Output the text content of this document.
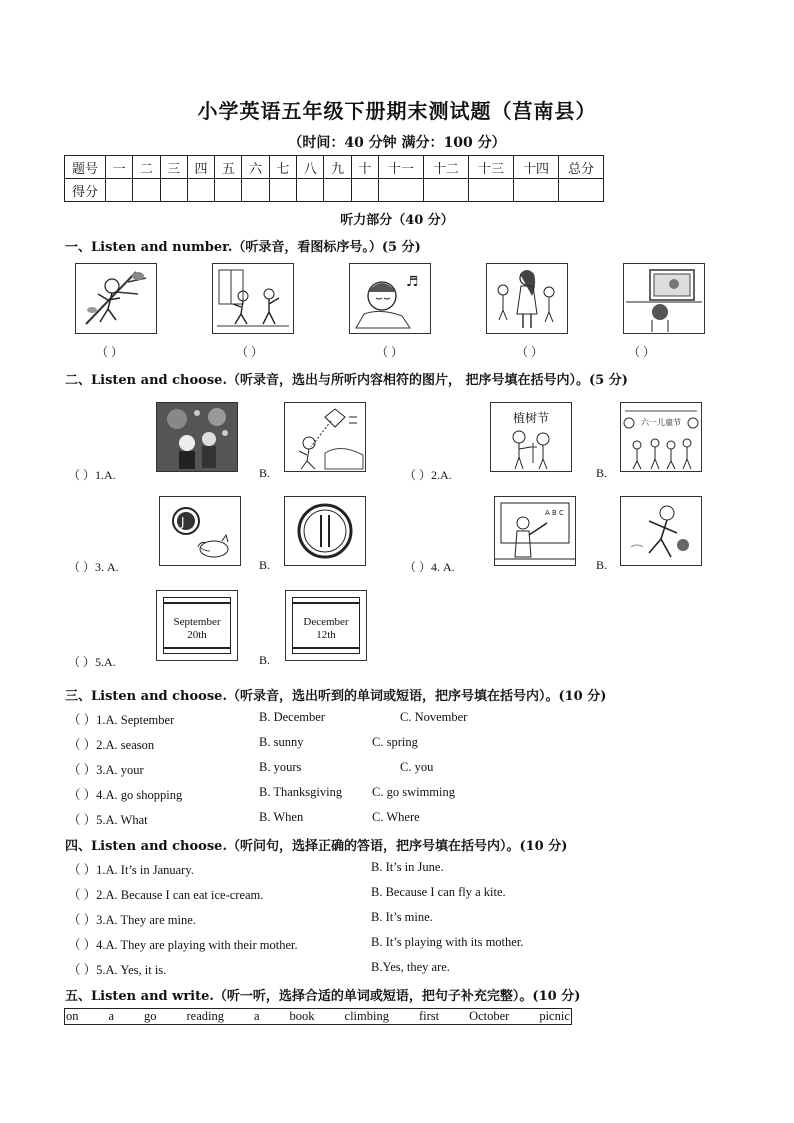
小学英语五年级下册期末测试题（莒南县）
（时间：40 分钟 满分：100 分）
题号	一	二	三	四	五	六	七	八	九	十	十一	十二	十三	十四	总分
得分															
听力部分（40 分）
一、Listen and number.（听录音，看图标序号。）(5 分)
♬
（ ）	（ ）	（ ）	（ ）	（ ）
二、Listen and choose.（听录音，选出与所听内容相符的图片， 把序号填在括号内）。(5 分)
（ ）1.A.	B.	（ ）2.A.
植树节
B.
六一儿童节
（ ）3. A.
J
B.	（ ）4. A.
A B C
B.
（ ）5.A.
September
20th
B.
December
12th
三、Listen and choose.（听录音，选出听到的单词或短语，把序号填在括号内）。(10 分)
（ ）1.A. September	B. December	C. November
（ ）2.A. season	B. sunny	C. spring
（ ）3.A. your	B. yours	C. you
（ ）4.A. go shopping	B. Thanksgiving C. go swimming
（ ）5.A. What	B. When	C. Where
四、Listen and choose.（听问句，选择正确的答语，把序号填在括号内）。(10 分)
（ ）1.A. It’s in January.	B. It’s in June.
（ ）2.A. Because I can eat ice-cream.	B. Because I can fly a kite.
（ ）3.A. They are mine.	B. It’s mine.
（ ）4.A. They are playing with their mother.	B. It’s playing with its mother.
（ ）5.A. Yes, it is.	B.Yes, they are.
五、Listen and write.（听一听，选择合适的单词或短语，把句子补充完整）。(10 分)
on a go reading a book climbing first October picnic
